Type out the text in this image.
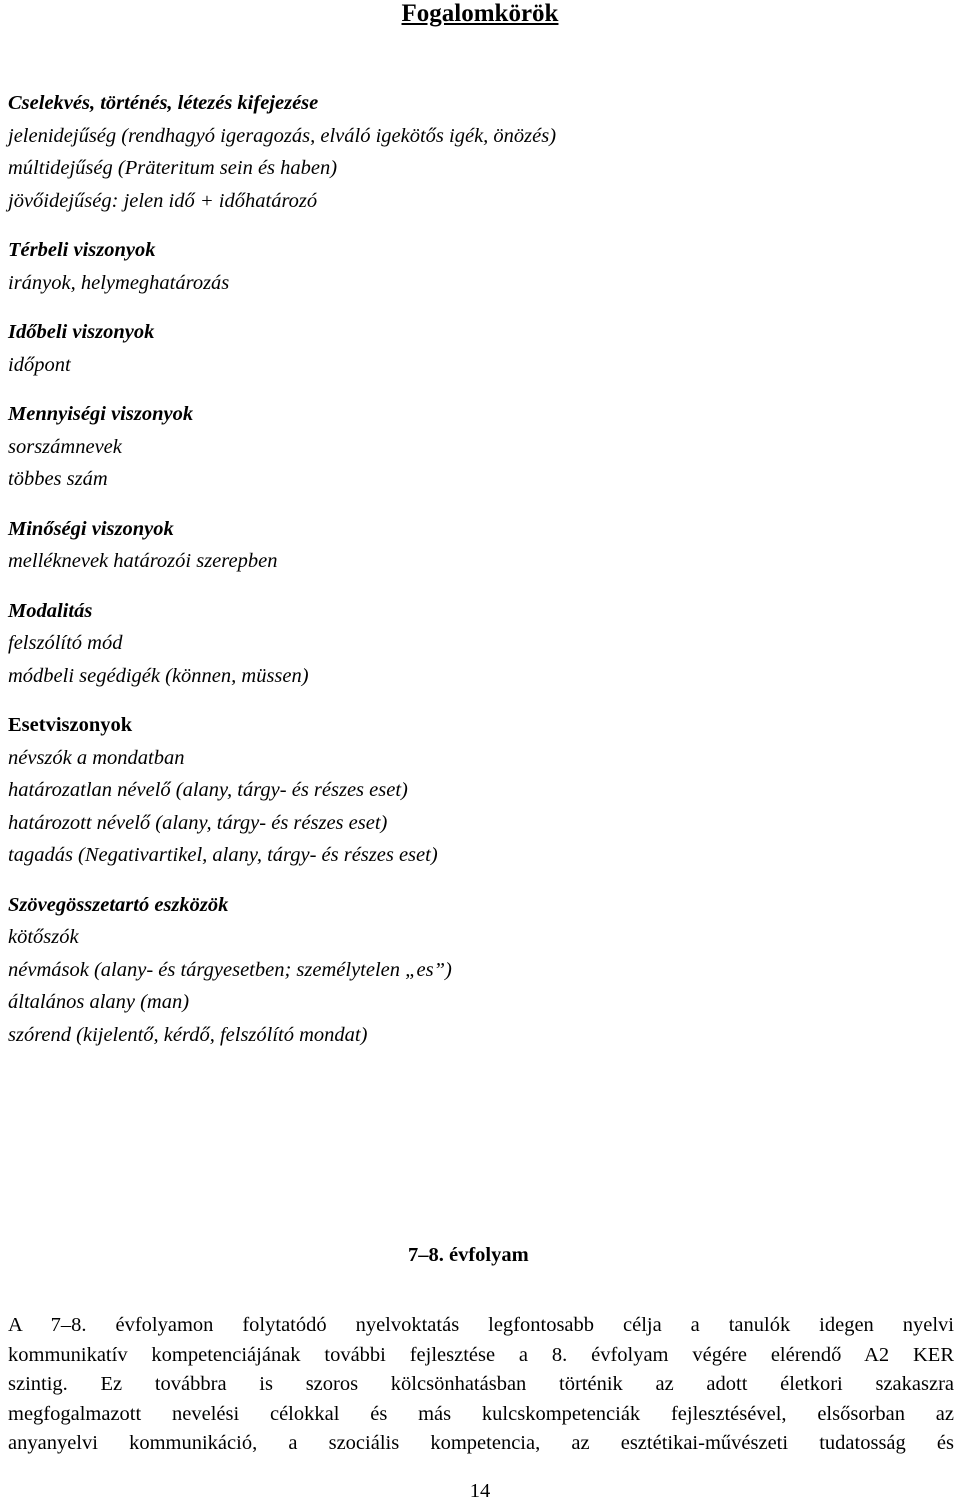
Fogalomkörök
Cselekvés, történés, létezés kifejezése
jelenidejűség (rendhagyó igeragozás, elváló igekötős igék, önözés)
múltidejűség (Präteritum sein és haben)
jövőidejűség: jelen idő + időhatározó
Térbeli viszonyok
irányok, helymeghatározás
Időbeli viszonyok
időpont
Mennyiségi viszonyok
sorszámnevek
többes szám
Minőségi viszonyok
melléknevek határozói szerepben
Modalitás
felszólító mód
módbeli segédigék (können, müssen)
Esetviszonyok
névszók a mondatban
határozatlan névelő (alany, tárgy- és részes eset)
határozott névelő (alany, tárgy- és részes eset)
tagadás (Negativartikel, alany, tárgy- és részes eset)
Szövegösszetartó eszközök
kötőszók
névmások (alany- és tárgyesetben; személytelen „es”)
általános alany (man)
szórend (kijelentő, kérdő, felszólító mondat)
7–8. évfolyam
A 7–8. évfolyamon folytatódó nyelvoktatás legfontosabb célja a tanulók idegen nyelvi
kommunikatív kompetenciájának további fejlesztése a 8. évfolyam végére elérendő A2 KER
szintig. Ez továbbra is szoros kölcsönhatásban történik az adott életkori szakaszra
megfogalmazott nevelési célokkal és más kulcskompetenciák fejlesztésével, elsősorban az
anyanyelvi kommunikáció, a szociális kompetencia, az esztétikai-művészeti tudatosság és
14
